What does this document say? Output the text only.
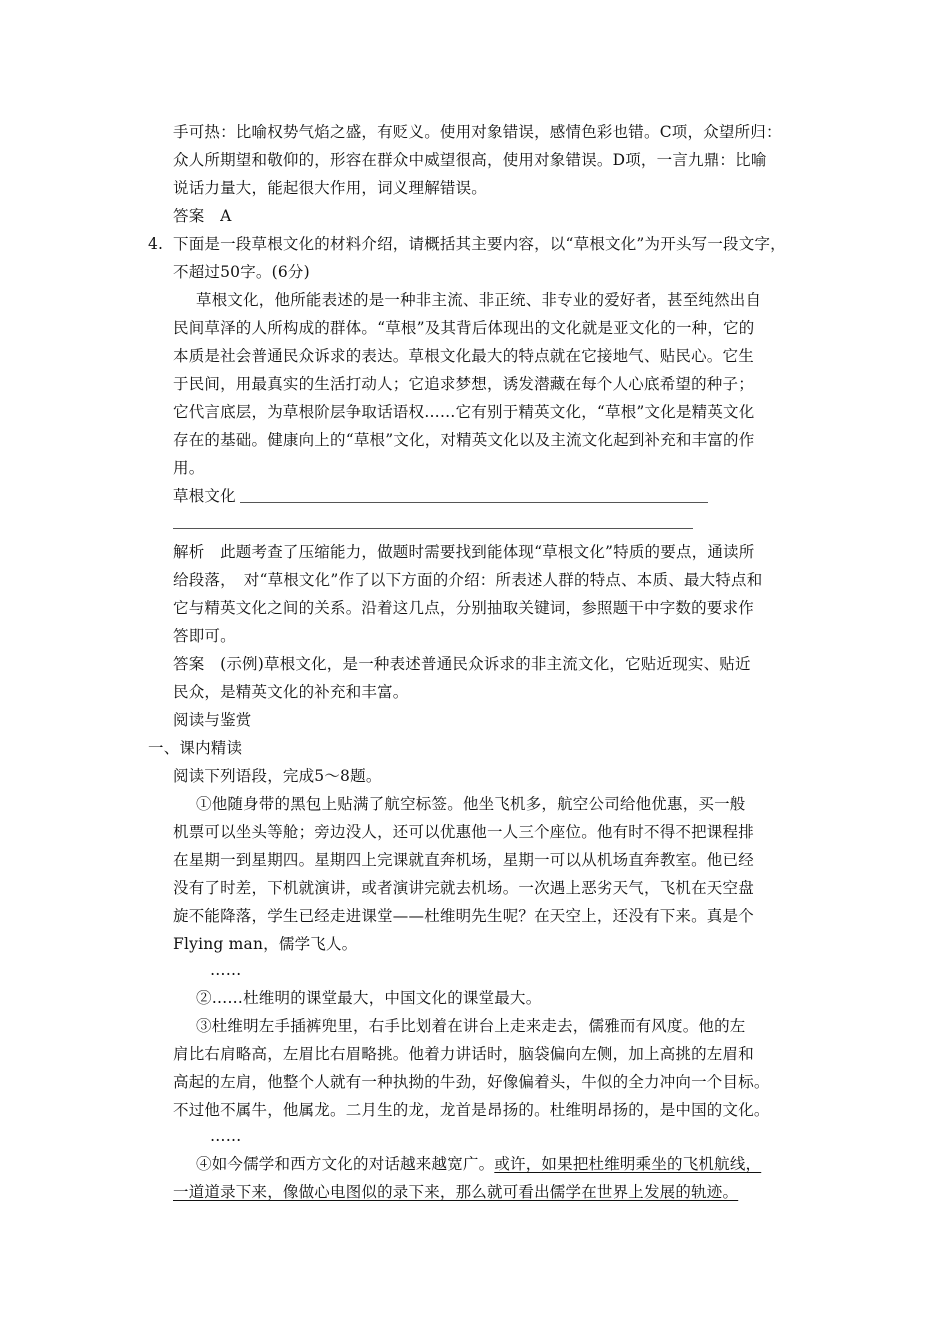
手可热：比喻权势气焰之盛，有贬义。使用对象错误，感情色彩也错。C项，众望所归：
众人所期望和敬仰的，形容在群众中威望很高，使用对象错误。D项，一言九鼎：比喻
说话力量大，能起很大作用，词义理解错误。
答案　A
4. 下面是一段草根文化的材料介绍，请概括其主要内容，以“草根文化”为开头写一段文字，
不超过50字。(6分)
草根文化，他所能表述的是一种非主流、非正统、非专业的爱好者，甚至纯然出自
民间草泽的人所构成的群体。“草根”及其背后体现出的文化就是亚文化的一种，它的
本质是社会普通民众诉求的表达。草根文化最大的特点就在它接地气、贴民心。它生
于民间，用最真实的生活打动人；它追求梦想，诱发潜藏在每个人心底希望的种子；
它代言底层，为草根阶层争取话语权……它有别于精英文化，“草根”文化是精英文化
存在的基础。健康向上的“草根”文化，对精英文化以及主流文化起到补充和丰富的作
用。
草根文化
解析　此题考查了压缩能力，做题时需要找到能体现“草根文化”特质的要点，通读所
给段落，　对“草根文化”作了以下方面的介绍：所表述人群的特点、本质、最大特点和
它与精英文化之间的关系。沿着这几点，分别抽取关键词，参照题干中字数的要求作
答即可。
答案　(示例)草根文化，是一种表述普通民众诉求的非主流文化，它贴近现实、贴近
民众，是精英文化的补充和丰富。
阅读与鉴赏
一、课内精读
阅读下列语段，完成5～8题。
①他随身带的黑包上贴满了航空标签。他坐飞机多，航空公司给他优惠，买一般
机票可以坐头等舱；旁边没人，还可以优惠他一人三个座位。他有时不得不把课程排
在星期一到星期四。星期四上完课就直奔机场，星期一可以从机场直奔教室。他已经
没有了时差，下机就演讲，或者演讲完就去机场。一次遇上恶劣天气，飞机在天空盘
旋不能降落，学生已经走进课堂——杜维明先生呢？在天空上，还没有下来。真是个
Flying man，儒学飞人。
……
②……杜维明的课堂最大，中国文化的课堂最大。
③杜维明左手插裤兜里，右手比划着在讲台上走来走去，儒雅而有风度。他的左
肩比右肩略高，左眉比右眉略挑。他着力讲话时，脑袋偏向左侧，加上高挑的左眉和
高起的左肩，他整个人就有一种执拗的牛劲，好像偏着头，牛似的全力冲向一个目标。
不过他不属牛，他属龙。二月生的龙，龙首是昂扬的。杜维明昂扬的，是中国的文化。
……
④如今儒学和西方文化的对话越来越宽广。或许，如果把杜维明乘坐的飞机航线，
一道道录下来，像做心电图似的录下来，那么就可看出儒学在世界上发展的轨迹。
